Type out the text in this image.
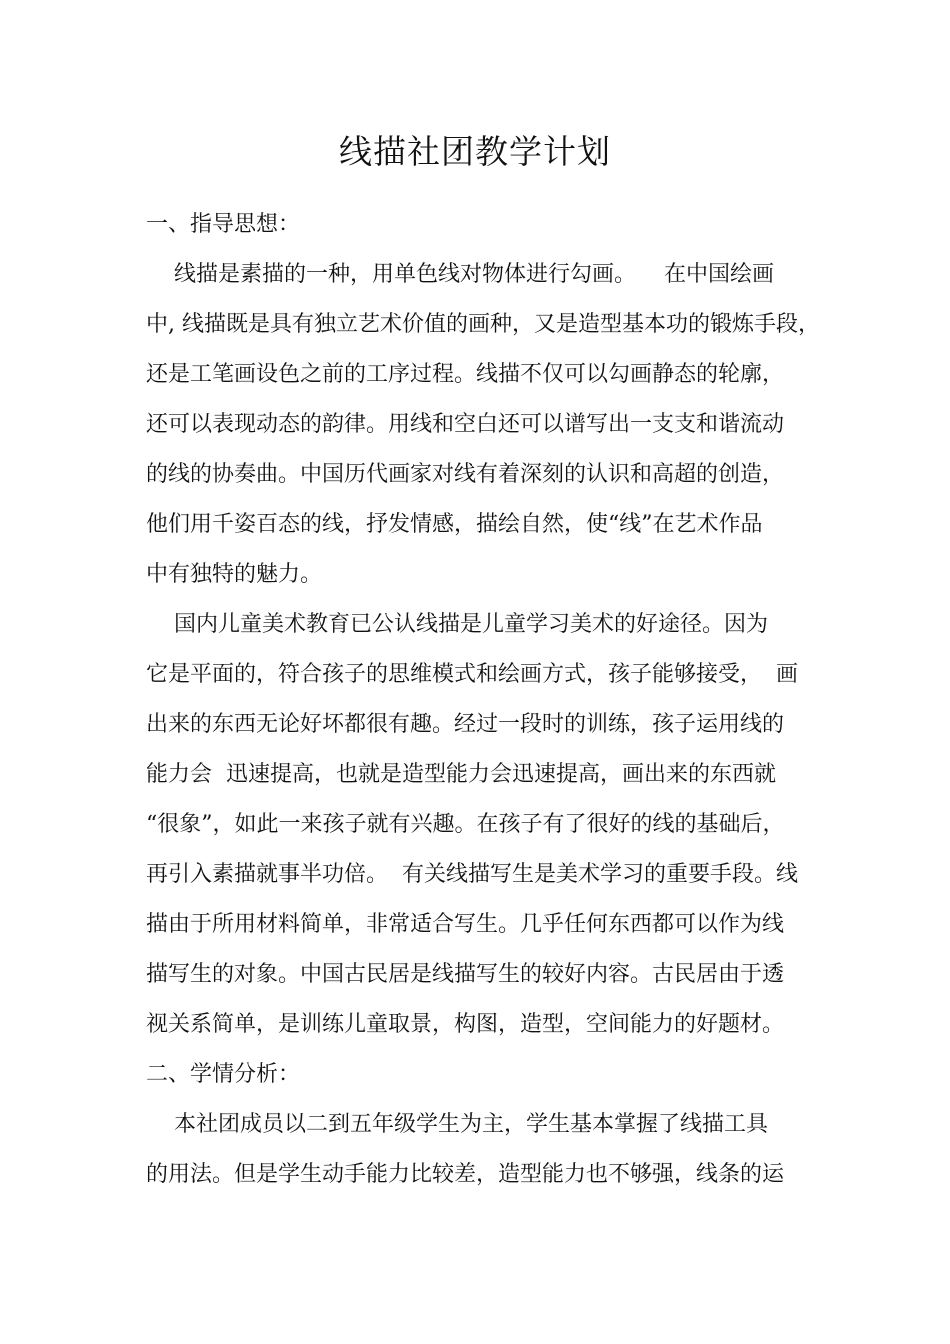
线描社团教学计划
一、指导思想：
线描是素描的一种，用单色线对物体进行勾画。    在中国绘画
中, 线描既是具有独立艺术价值的画种，又是造型基本功的锻炼手段，
还是工笔画设色之前的工序过程。线描不仅可以勾画静态的轮廓，
还可以表现动态的韵律。用线和空白还可以谱写出一支支和谐流动
的线的协奏曲。中国历代画家对线有着深刻的认识和高超的创造，
他们用千姿百态的线，抒发情感，描绘自然，使“线”在艺术作品
中有独特的魅力。
国内儿童美术教育已公认线描是儿童学习美术的好途径。因为
它是平面的，符合孩子的思维模式和绘画方式，孩子能够接受，  画
出来的东西无论好坏都很有趣。经过一段时的训练，孩子运用线的
能力会  迅速提高，也就是造型能力会迅速提高，画出来的东西就
“很象”，如此一来孩子就有兴趣。在孩子有了很好的线的基础后，
再引入素描就事半功倍。  有关线描写生是美术学习的重要手段。线
描由于所用材料简单，非常适合写生。几乎任何东西都可以作为线
描写生的对象。中国古民居是线描写生的较好内容。古民居由于透
视关系简单，是训练儿童取景，构图，造型，空间能力的好题材。
二、学情分析：
本社团成员以二到五年级学生为主，学生基本掌握了线描工具
的用法。但是学生动手能力比较差，造型能力也不够强，线条的运
